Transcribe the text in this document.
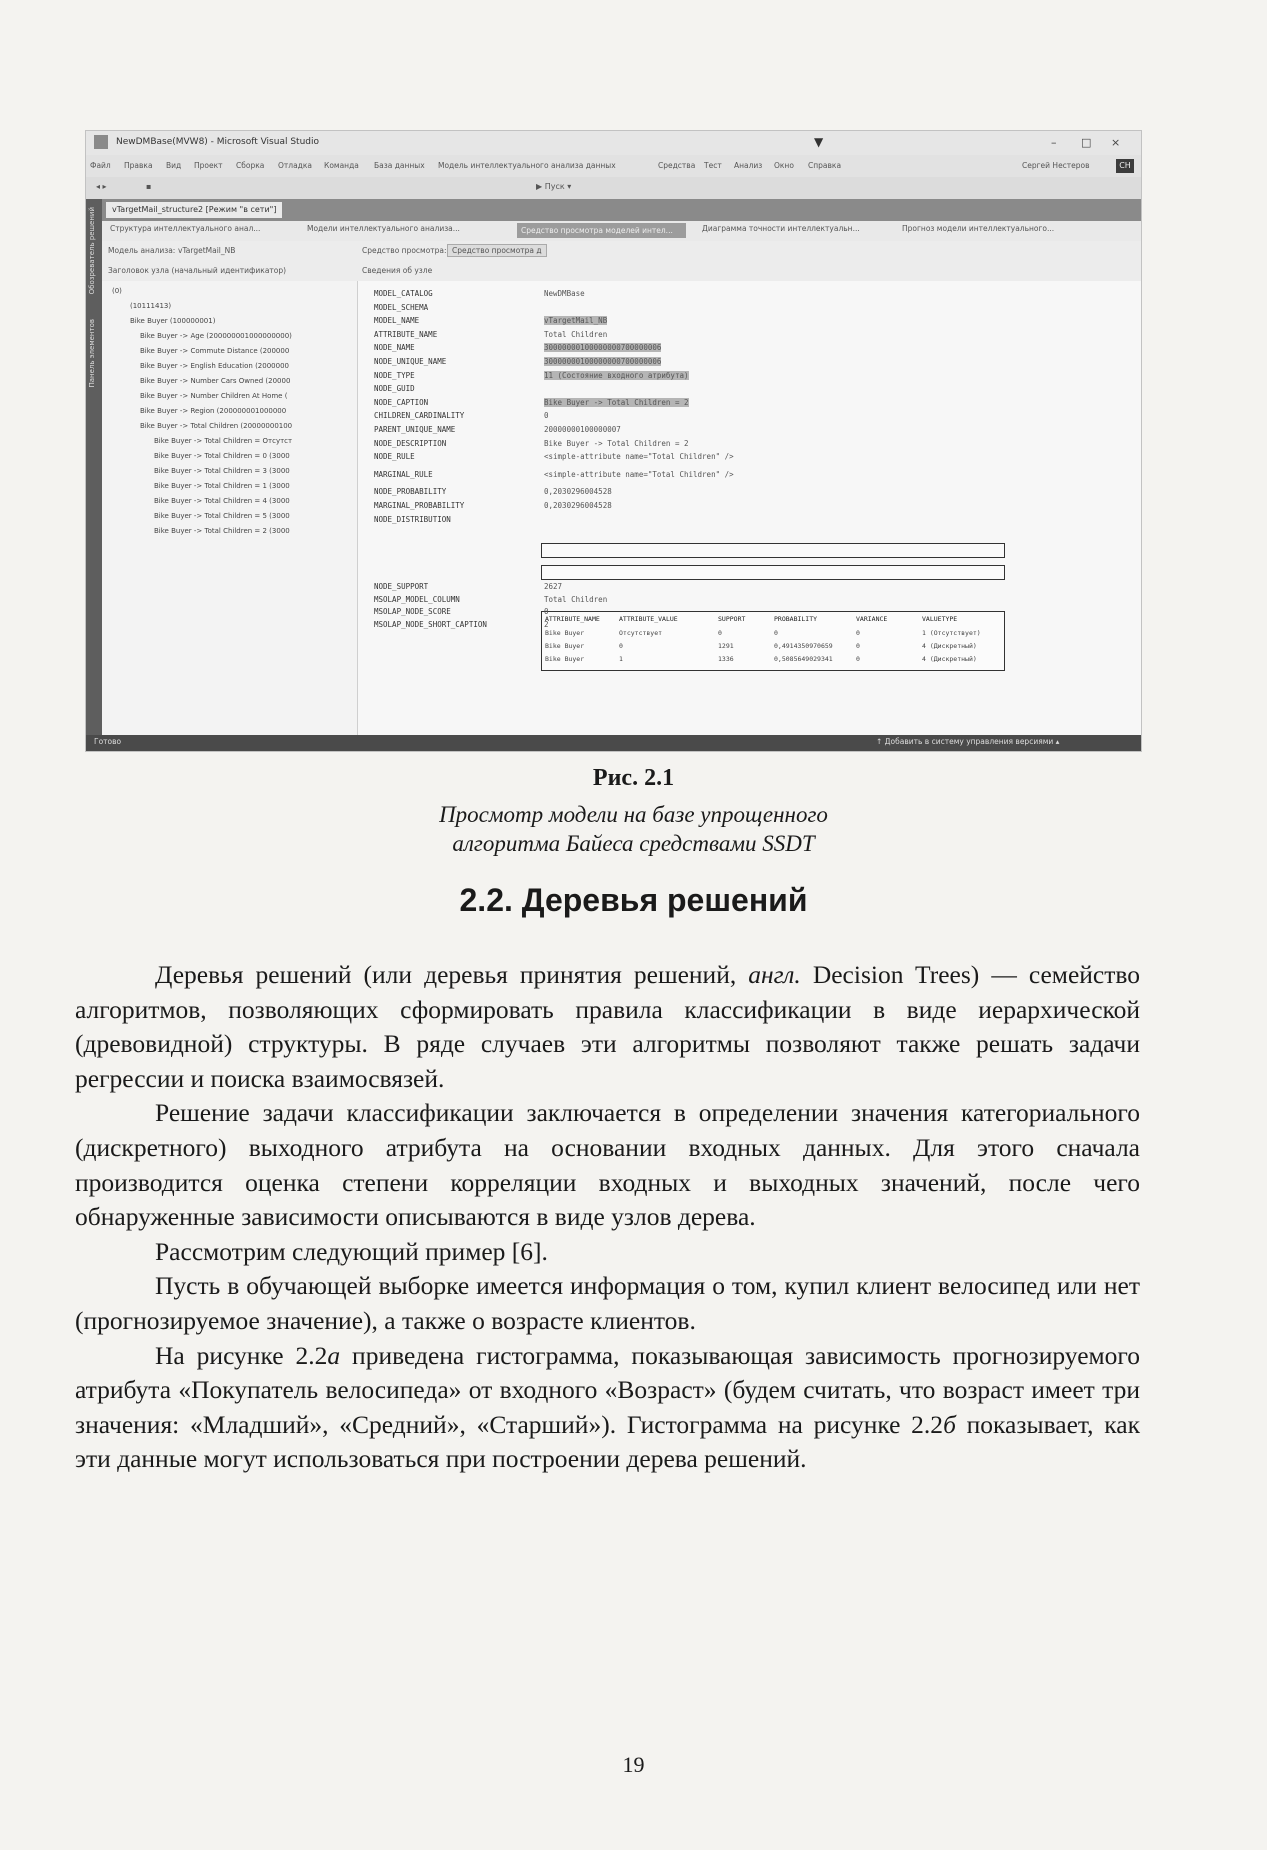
NewDMBase(MVW8) - Microsoft Visual Studio	▼	– □ ×
Файл Правка Вид Проект Сборка Отладка Команда База данных Модель интеллектуального анализа данных	Средства Тест Анализ Окно Справка	Сергей Нестеров	СН
◂ ▸	▪	▶ Пуск ▾
Обозреватель решений
Панель элементов
vTargetMail_structure2 [Режим "в сети"]
Структура интеллектуального анал...	Модели интеллектуального анализа...	Средство просмотра моделей интел...	Диаграмма точности интеллектуальн...	Прогноз модели интеллектуального...
Модель анализа: vTargetMail_NB	Средство просмотра: Средство просмотра д
Заголовок узла (начальный идентификатор)	Сведения об узле
(0)
(10111413)
Bike Buyer (100000001)
Bike Buyer -> Age (200000001000000000)
Bike Buyer -> Commute Distance (200000
Bike Buyer -> English Education (2000000
Bike Buyer -> Number Cars Owned (20000
Bike Buyer -> Number Children At Home (
Bike Buyer -> Region (200000001000000
Bike Buyer -> Total Children (20000000100
Bike Buyer -> Total Children = Отсутст
Bike Buyer -> Total Children = 0 (3000
Bike Buyer -> Total Children = 3 (3000
Bike Buyer -> Total Children = 1 (3000
Bike Buyer -> Total Children = 4 (3000
Bike Buyer -> Total Children = 5 (3000
Bike Buyer -> Total Children = 2 (3000
ATTRIBUTE_NAME	ATTRIBUTE_VALUE	SUPPORT	PROBABILITY	VARIANCE	VALUETYPE
Bike Buyer	Отсутствует	0	0	0	1 (Отсутствует)
Bike Buyer	0	1291	0,4914350970659	0	4 (Дискретный)
Bike Buyer	1	1336	0,5085649029341	0	4 (Дискретный)
MODEL_CATALOG	NewDMBase
MODEL_SCHEMA
MODEL_NAME	vTargetMail_NB
ATTRIBUTE_NAME	Total Children
NODE_NAME	30000000100000000700000006
NODE_UNIQUE_NAME	30000000100000000700000006
NODE_TYPE	11 (Состояние входного атрибута)
NODE_GUID
NODE_CAPTION	Bike Buyer -> Total Children = 2
CHILDREN_CARDINALITY	0
PARENT_UNIQUE_NAME	20000000100000007
NODE_DESCRIPTION	Bike Buyer -> Total Children = 2
NODE_RULE	<simple-attribute name="Total Children" />
MARGINAL_RULE	<simple-attribute name="Total Children" />
NODE_PROBABILITY	0,2030296004528
MARGINAL_PROBABILITY	0,2030296004528
NODE_DISTRIBUTION
NODE_SUPPORT	2627
MSOLAP_MODEL_COLUMN	Total Children
MSOLAP_NODE_SCORE	0
MSOLAP_NODE_SHORT_CAPTION	2
Готово	↑ Добавить в систему управления версиями ▴
Рис. 2.1
Просмотр модели на базе упрощенного
алгоритма Байеса средствами SSDT
2.2. Деревья решений

Деревья решений (или деревья принятия решений, англ. Decision Trees) — семейство алгоритмов, позволяющих сформировать правила классификации в виде иерархической (древовидной) структуры. В ряде случаев эти алгоритмы позволяют также решать задачи регрессии и поиска взаимосвязей.

Решение задачи классификации заключается в определении значения категориального (дискретного) выходного атрибута на основании входных данных. Для этого сначала производится оценка степени корреляции входных и выходных значений, после чего обнаруженные зависимости описываются в виде узлов дерева.

Рассмотрим следующий пример [6].

Пусть в обучающей выборке имеется информация о том, купил клиент велосипед или нет (прогнозируемое значение), а также о возрасте клиентов.

На рисунке 2.2а приведена гистограмма, показывающая зависимость прогнозируемого атрибута «Покупатель велосипеда» от входного «Возраст» (будем считать, что возраст имеет три значения: «Младший», «Средний», «Старший»). Гистограмма на рисунке 2.2б показывает, как эти данные могут использоваться при построении дерева решений.

19
